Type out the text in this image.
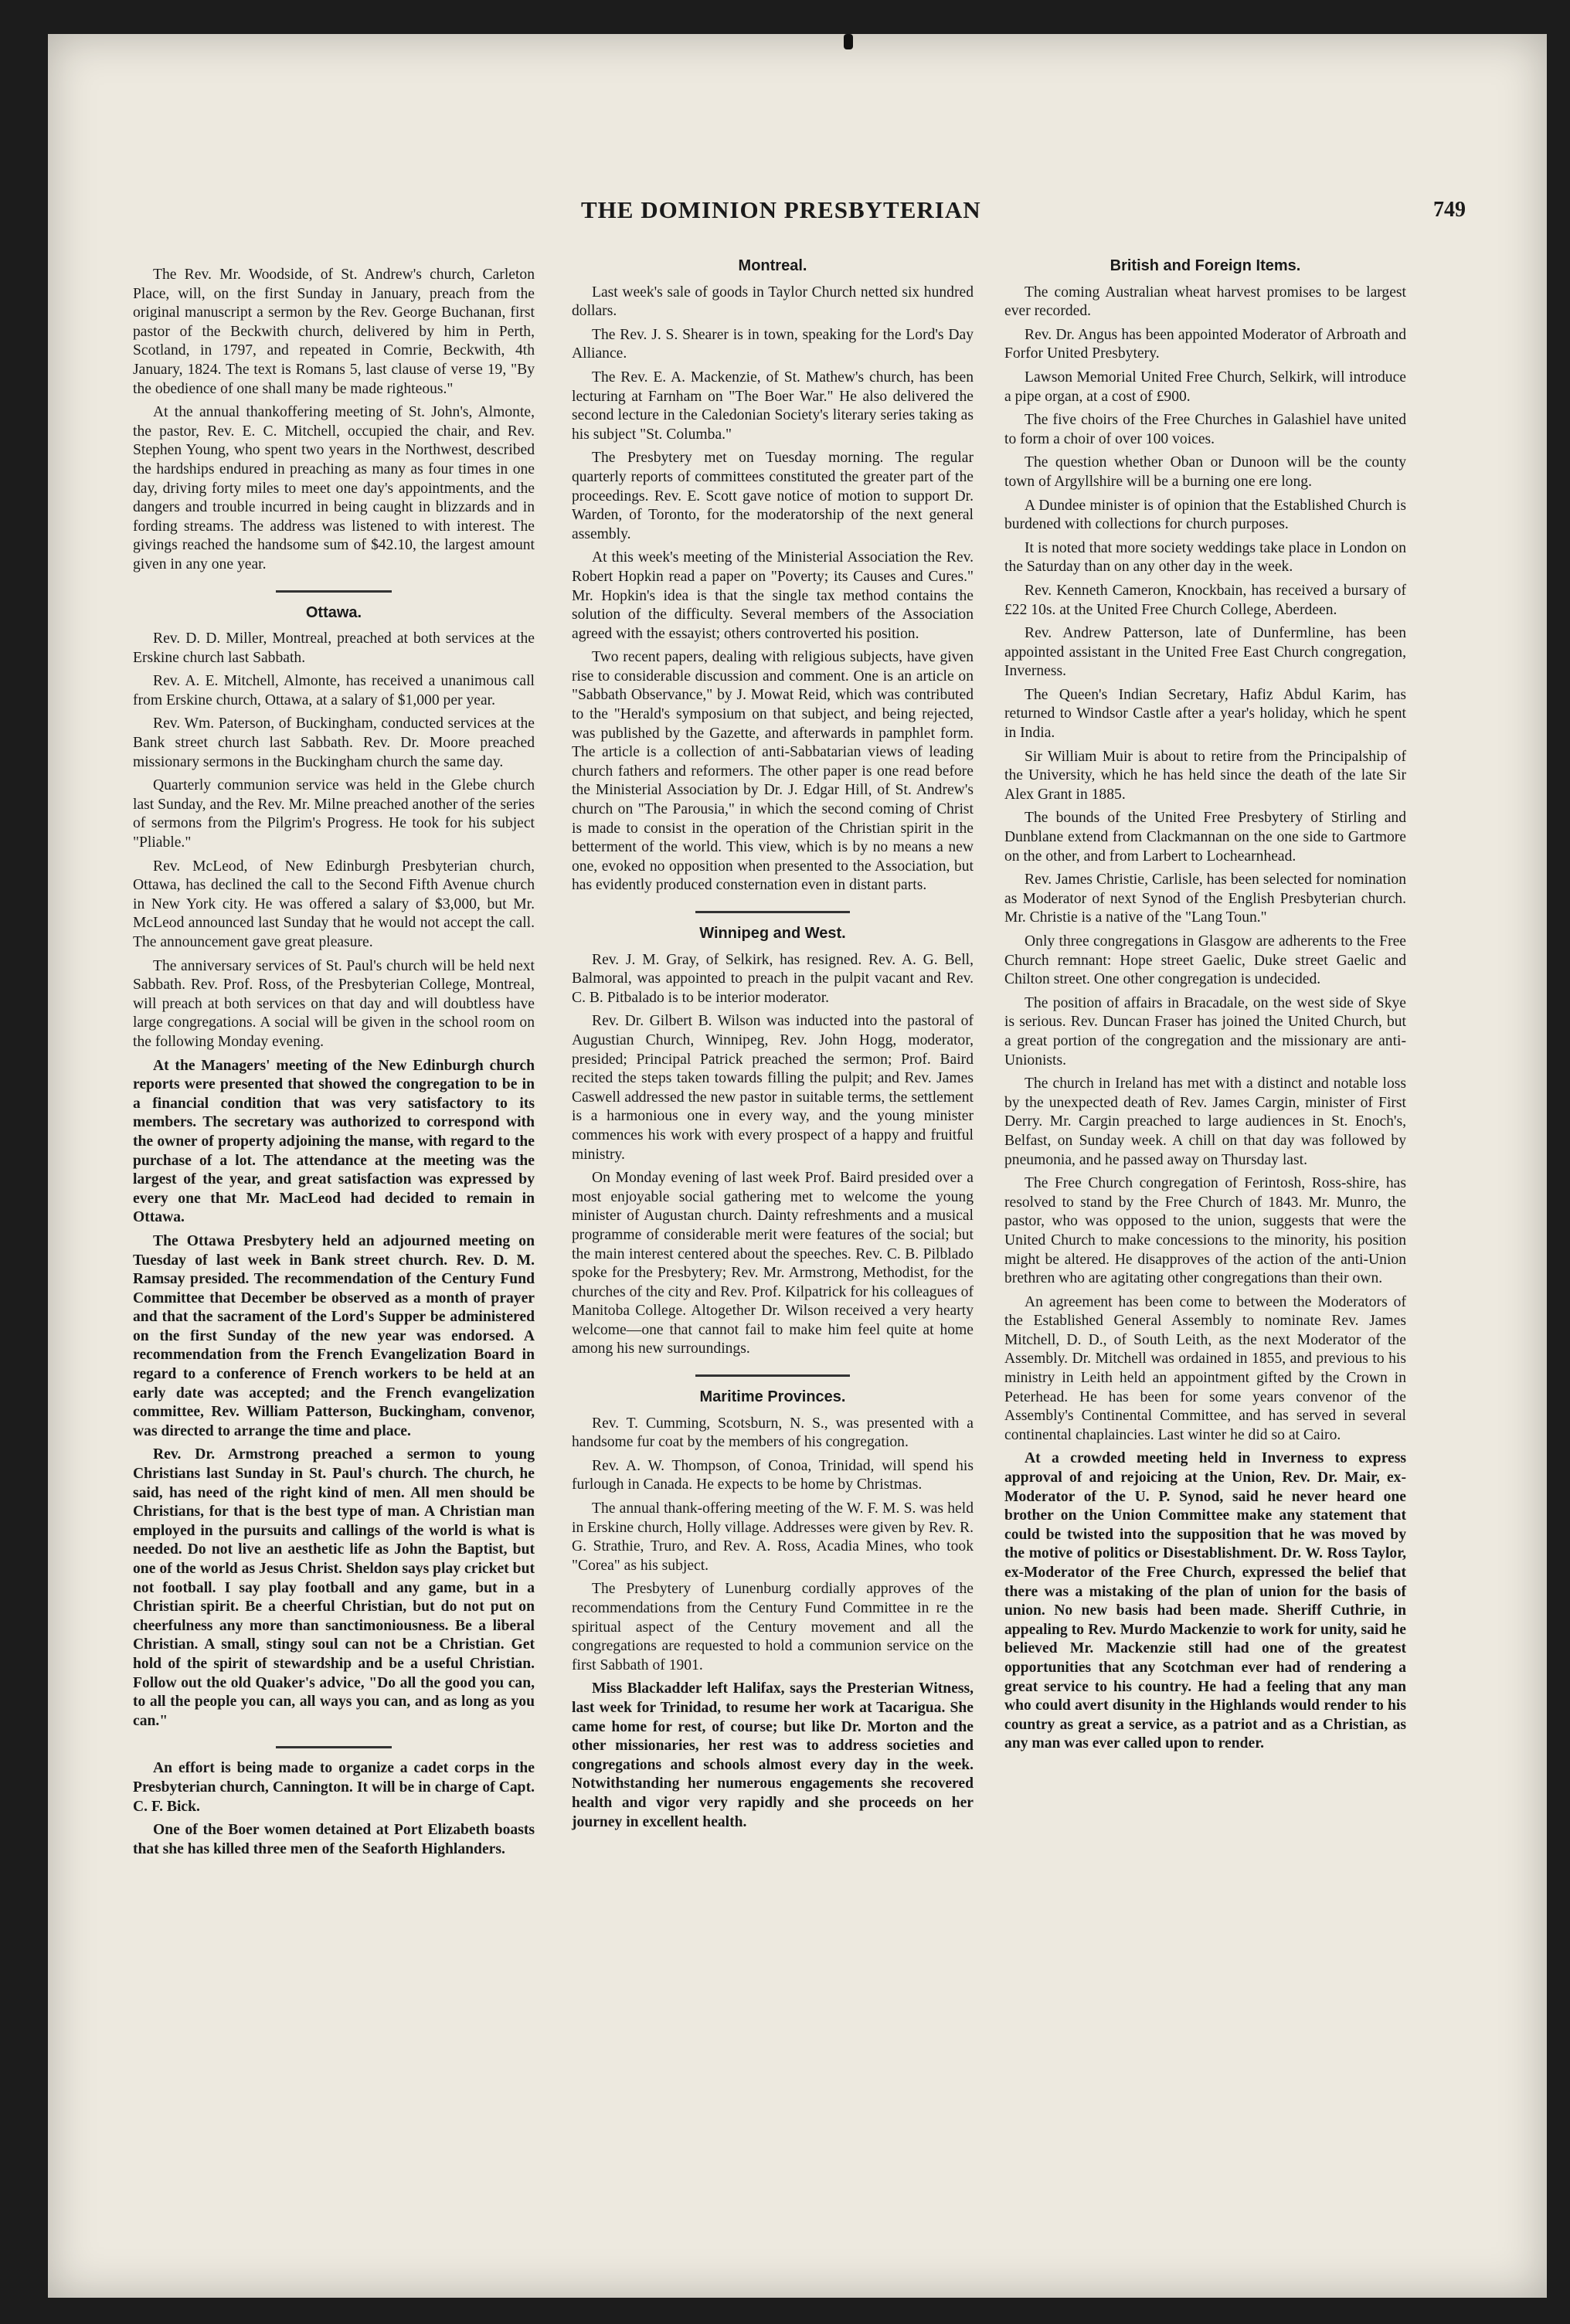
THE DOMINION PRESBYTERIAN	749

The Rev. Mr. Woodside, of St. Andrew's church, Carleton Place, will, on the first Sunday in January, preach from the original manuscript a sermon by the Rev. George Buchanan, first pastor of the Beckwith church, delivered by him in Perth, Scotland, in 1797, and repeated in Comrie, Beckwith, 4th January, 1824. The text is Romans 5, last clause of verse 19, "By the obedience of one shall many be made righteous."

At the annual thankoffering meeting of St. John's, Almonte, the pastor, Rev. E. C. Mitchell, occupied the chair, and Rev. Stephen Young, who spent two years in the Northwest, described the hardships endured in preaching as many as four times in one day, driving forty miles to meet one day's appointments, and the dangers and trouble incurred in being caught in blizzards and in fording streams. The address was listened to with interest. The givings reached the handsome sum of $42.10, the largest amount given in any one year.

Ottawa.

Rev. D. D. Miller, Montreal, preached at both services at the Erskine church last Sabbath.

Rev. A. E. Mitchell, Almonte, has received a unanimous call from Erskine church, Ottawa, at a salary of $1,000 per year.

Rev. Wm. Paterson, of Buckingham, conducted services at the Bank street church last Sabbath. Rev. Dr. Moore preached missionary sermons in the Buckingham church the same day.

Quarterly communion service was held in the Glebe church last Sunday, and the Rev. Mr. Milne preached another of the series of sermons from the Pilgrim's Progress. He took for his subject "Pliable."

Rev. McLeod, of New Edinburgh Presbyterian church, Ottawa, has declined the call to the Second Fifth Avenue church in New York city. He was offered a salary of $3,000, but Mr. McLeod announced last Sunday that he would not accept the call. The announcement gave great pleasure.

The anniversary services of St. Paul's church will be held next Sabbath. Rev. Prof. Ross, of the Presbyterian College, Montreal, will preach at both services on that day and will doubtless have large congregations. A social will be given in the school room on the following Monday evening.

At the Managers' meeting of the New Edinburgh church reports were presented that showed the congregation to be in a financial condition that was very satisfactory to its members. The secretary was authorized to correspond with the owner of property adjoining the manse, with regard to the purchase of a lot. The attendance at the meeting was the largest of the year, and great satisfaction was expressed by every one that Mr. MacLeod had decided to remain in Ottawa.

The Ottawa Presbytery held an adjourned meeting on Tuesday of last week in Bank street church. Rev. D. M. Ramsay presided. The recommendation of the Century Fund Committee that December be observed as a month of prayer and that the sacrament of the Lord's Supper be administered on the first Sunday of the new year was endorsed. A recommendation from the French Evangelization Board in regard to a conference of French workers to be held at an early date was accepted; and the French evangelization committee, Rev. William Patterson, Buckingham, convenor, was directed to arrange the time and place.

Rev. Dr. Armstrong preached a sermon to young Christians last Sunday in St. Paul's church. The church, he said, has need of the right kind of men. All men should be Christians, for that is the best type of man. A Christian man employed in the pursuits and callings of the world is what is needed. Do not live an aesthetic life as John the Baptist, but one of the world as Jesus Christ. Sheldon says play cricket but not football. I say play football and any game, but in a Christian spirit. Be a cheerful Christian, but do not put on cheerfulness any more than sanctimoniousness. Be a liberal Christian. A small, stingy soul can not be a Christian. Get hold of the spirit of stewardship and be a useful Christian. Follow out the old Quaker's advice, "Do all the good you can, to all the people you can, all ways you can, and as long as you can."

An effort is being made to organize a cadet corps in the Presbyterian church, Cannington. It will be in charge of Capt. C. F. Bick.

One of the Boer women detained at Port Elizabeth boasts that she has killed three men of the Seaforth Highlanders.

Montreal.

Last week's sale of goods in Taylor Church netted six hundred dollars.

The Rev. J. S. Shearer is in town, speaking for the Lord's Day Alliance.

The Rev. E. A. Mackenzie, of St. Mathew's church, has been lecturing at Farnham on "The Boer War." He also delivered the second lecture in the Caledonian Society's literary series taking as his subject "St. Columba."

The Presbytery met on Tuesday morning. The regular quarterly reports of committees constituted the greater part of the proceedings. Rev. E. Scott gave notice of motion to support Dr. Warden, of Toronto, for the moderatorship of the next general assembly.

At this week's meeting of the Ministerial Association the Rev. Robert Hopkin read a paper on "Poverty; its Causes and Cures." Mr. Hopkin's idea is that the single tax method contains the solution of the difficulty. Several members of the Association agreed with the essayist; others controverted his position.

Two recent papers, dealing with religious subjects, have given rise to considerable discussion and comment. One is an article on "Sabbath Observance," by J. Mowat Reid, which was contributed to the "Herald's symposium on that subject, and being rejected, was published by the Gazette, and afterwards in pamphlet form. The article is a collection of anti-Sabbatarian views of leading church fathers and reformers. The other paper is one read before the Ministerial Association by Dr. J. Edgar Hill, of St. Andrew's church on "The Parousia," in which the second coming of Christ is made to consist in the operation of the Christian spirit in the betterment of the world. This view, which is by no means a new one, evoked no opposition when presented to the Association, but has evidently produced consternation even in distant parts.

Winnipeg and West.

Rev. J. M. Gray, of Selkirk, has resigned. Rev. A. G. Bell, Balmoral, was appointed to preach in the pulpit vacant and Rev. C. B. Pitbalado is to be interior moderator.

Rev. Dr. Gilbert B. Wilson was inducted into the pastoral of Augustian Church, Winnipeg, Rev. John Hogg, moderator, presided; Principal Patrick preached the sermon; Prof. Baird recited the steps taken towards filling the pulpit; and Rev. James Caswell addressed the new pastor in suitable terms, the settlement is a harmonious one in every way, and the young minister commences his work with every prospect of a happy and fruitful ministry.

On Monday evening of last week Prof. Baird presided over a most enjoyable social gathering met to welcome the young minister of Augustan church. Dainty refreshments and a musical programme of considerable merit were features of the social; but the main interest centered about the speeches. Rev. C. B. Pilblado spoke for the Presbytery; Rev. Mr. Armstrong, Methodist, for the churches of the city and Rev. Prof. Kilpatrick for his colleagues of Manitoba College. Altogether Dr. Wilson received a very hearty welcome—one that cannot fail to make him feel quite at home among his new surroundings.

Maritime Provinces.

Rev. T. Cumming, Scotsburn, N. S., was presented with a handsome fur coat by the members of his congregation.

Rev. A. W. Thompson, of Conoa, Trinidad, will spend his furlough in Canada. He expects to be home by Christmas.

The annual thank-offering meeting of the W. F. M. S. was held in Erskine church, Holly village. Addresses were given by Rev. R. G. Strathie, Truro, and Rev. A. Ross, Acadia Mines, who took "Corea" as his subject.

The Presbytery of Lunenburg cordially approves of the recommendations from the Century Fund Committee in re the spiritual aspect of the Century movement and all the congregations are requested to hold a communion service on the first Sabbath of 1901.

Miss Blackadder left Halifax, says the Presterian Witness, last week for Trinidad, to resume her work at Tacarigua. She came home for rest, of course; but like Dr. Morton and the other missionaries, her rest was to address societies and congregations and schools almost every day in the week. Notwithstanding her numerous engagements she recovered health and vigor very rapidly and she proceeds on her journey in excellent health.

British and Foreign Items.

The coming Australian wheat harvest promises to be largest ever recorded.

Rev. Dr. Angus has been appointed Moderator of Arbroath and Forfor United Presbytery.

Lawson Memorial United Free Church, Selkirk, will introduce a pipe organ, at a cost of £900.

The five choirs of the Free Churches in Galashiel have united to form a choir of over 100 voices.

The question whether Oban or Dunoon will be the county town of Argyllshire will be a burning one ere long.

A Dundee minister is of opinion that the Established Church is burdened with collections for church purposes.

It is noted that more society weddings take place in London on the Saturday than on any other day in the week.

Rev. Kenneth Cameron, Knockbain, has received a bursary of £22 10s. at the United Free Church College, Aberdeen.

Rev. Andrew Patterson, late of Dunfermline, has been appointed assistant in the United Free East Church congregation, Inverness.

The Queen's Indian Secretary, Hafiz Abdul Karim, has returned to Windsor Castle after a year's holiday, which he spent in India.

Sir William Muir is about to retire from the Principalship of the University, which he has held since the death of the late Sir Alex Grant in 1885.

The bounds of the United Free Presbytery of Stirling and Dunblane extend from Clackmannan on the one side to Gartmore on the other, and from Larbert to Lochearnhead.

Rev. James Christie, Carlisle, has been selected for nomination as Moderator of next Synod of the English Presbyterian church. Mr. Christie is a native of the "Lang Toun."

Only three congregations in Glasgow are adherents to the Free Church remnant: Hope street Gaelic, Duke street Gaelic and Chilton street. One other congregation is undecided.

The position of affairs in Bracadale, on the west side of Skye is serious. Rev. Duncan Fraser has joined the United Church, but a great portion of the congregation and the missionary are anti-Unionists.

The church in Ireland has met with a distinct and notable loss by the unexpected death of Rev. James Cargin, minister of First Derry. Mr. Cargin preached to large audiences in St. Enoch's, Belfast, on Sunday week. A chill on that day was followed by pneumonia, and he passed away on Thursday last.

The Free Church congregation of Ferintosh, Ross-shire, has resolved to stand by the Free Church of 1843. Mr. Munro, the pastor, who was opposed to the union, suggests that were the United Church to make concessions to the minority, his position might be altered. He disapproves of the action of the anti-Union brethren who are agitating other congregations than their own.

An agreement has been come to between the Moderators of the Established General Assembly to nominate Rev. James Mitchell, D. D., of South Leith, as the next Moderator of the Assembly. Dr. Mitchell was ordained in 1855, and previous to his ministry in Leith held an appointment gifted by the Crown in Peterhead. He has been for some years convenor of the Assembly's Continental Committee, and has served in several continental chaplaincies. Last winter he did so at Cairo.

At a crowded meeting held in Inverness to express approval of and rejoicing at the Union, Rev. Dr. Mair, ex-Moderator of the U. P. Synod, said he never heard one brother on the Union Committee make any statement that could be twisted into the supposition that he was moved by the motive of politics or Disestablishment. Dr. W. Ross Taylor, ex-Moderator of the Free Church, expressed the belief that there was a mistaking of the plan of union for the basis of union. No new basis had been made. Sheriff Cuthrie, in appealing to Rev. Murdo Mackenzie to work for unity, said he believed Mr. Mackenzie still had one of the greatest opportunities that any Scotchman ever had of rendering a great service to his country. He had a feeling that any man who could avert disunity in the Highlands would render to his country as great a service, as a patriot and as a Christian, as any man was ever called upon to render.
